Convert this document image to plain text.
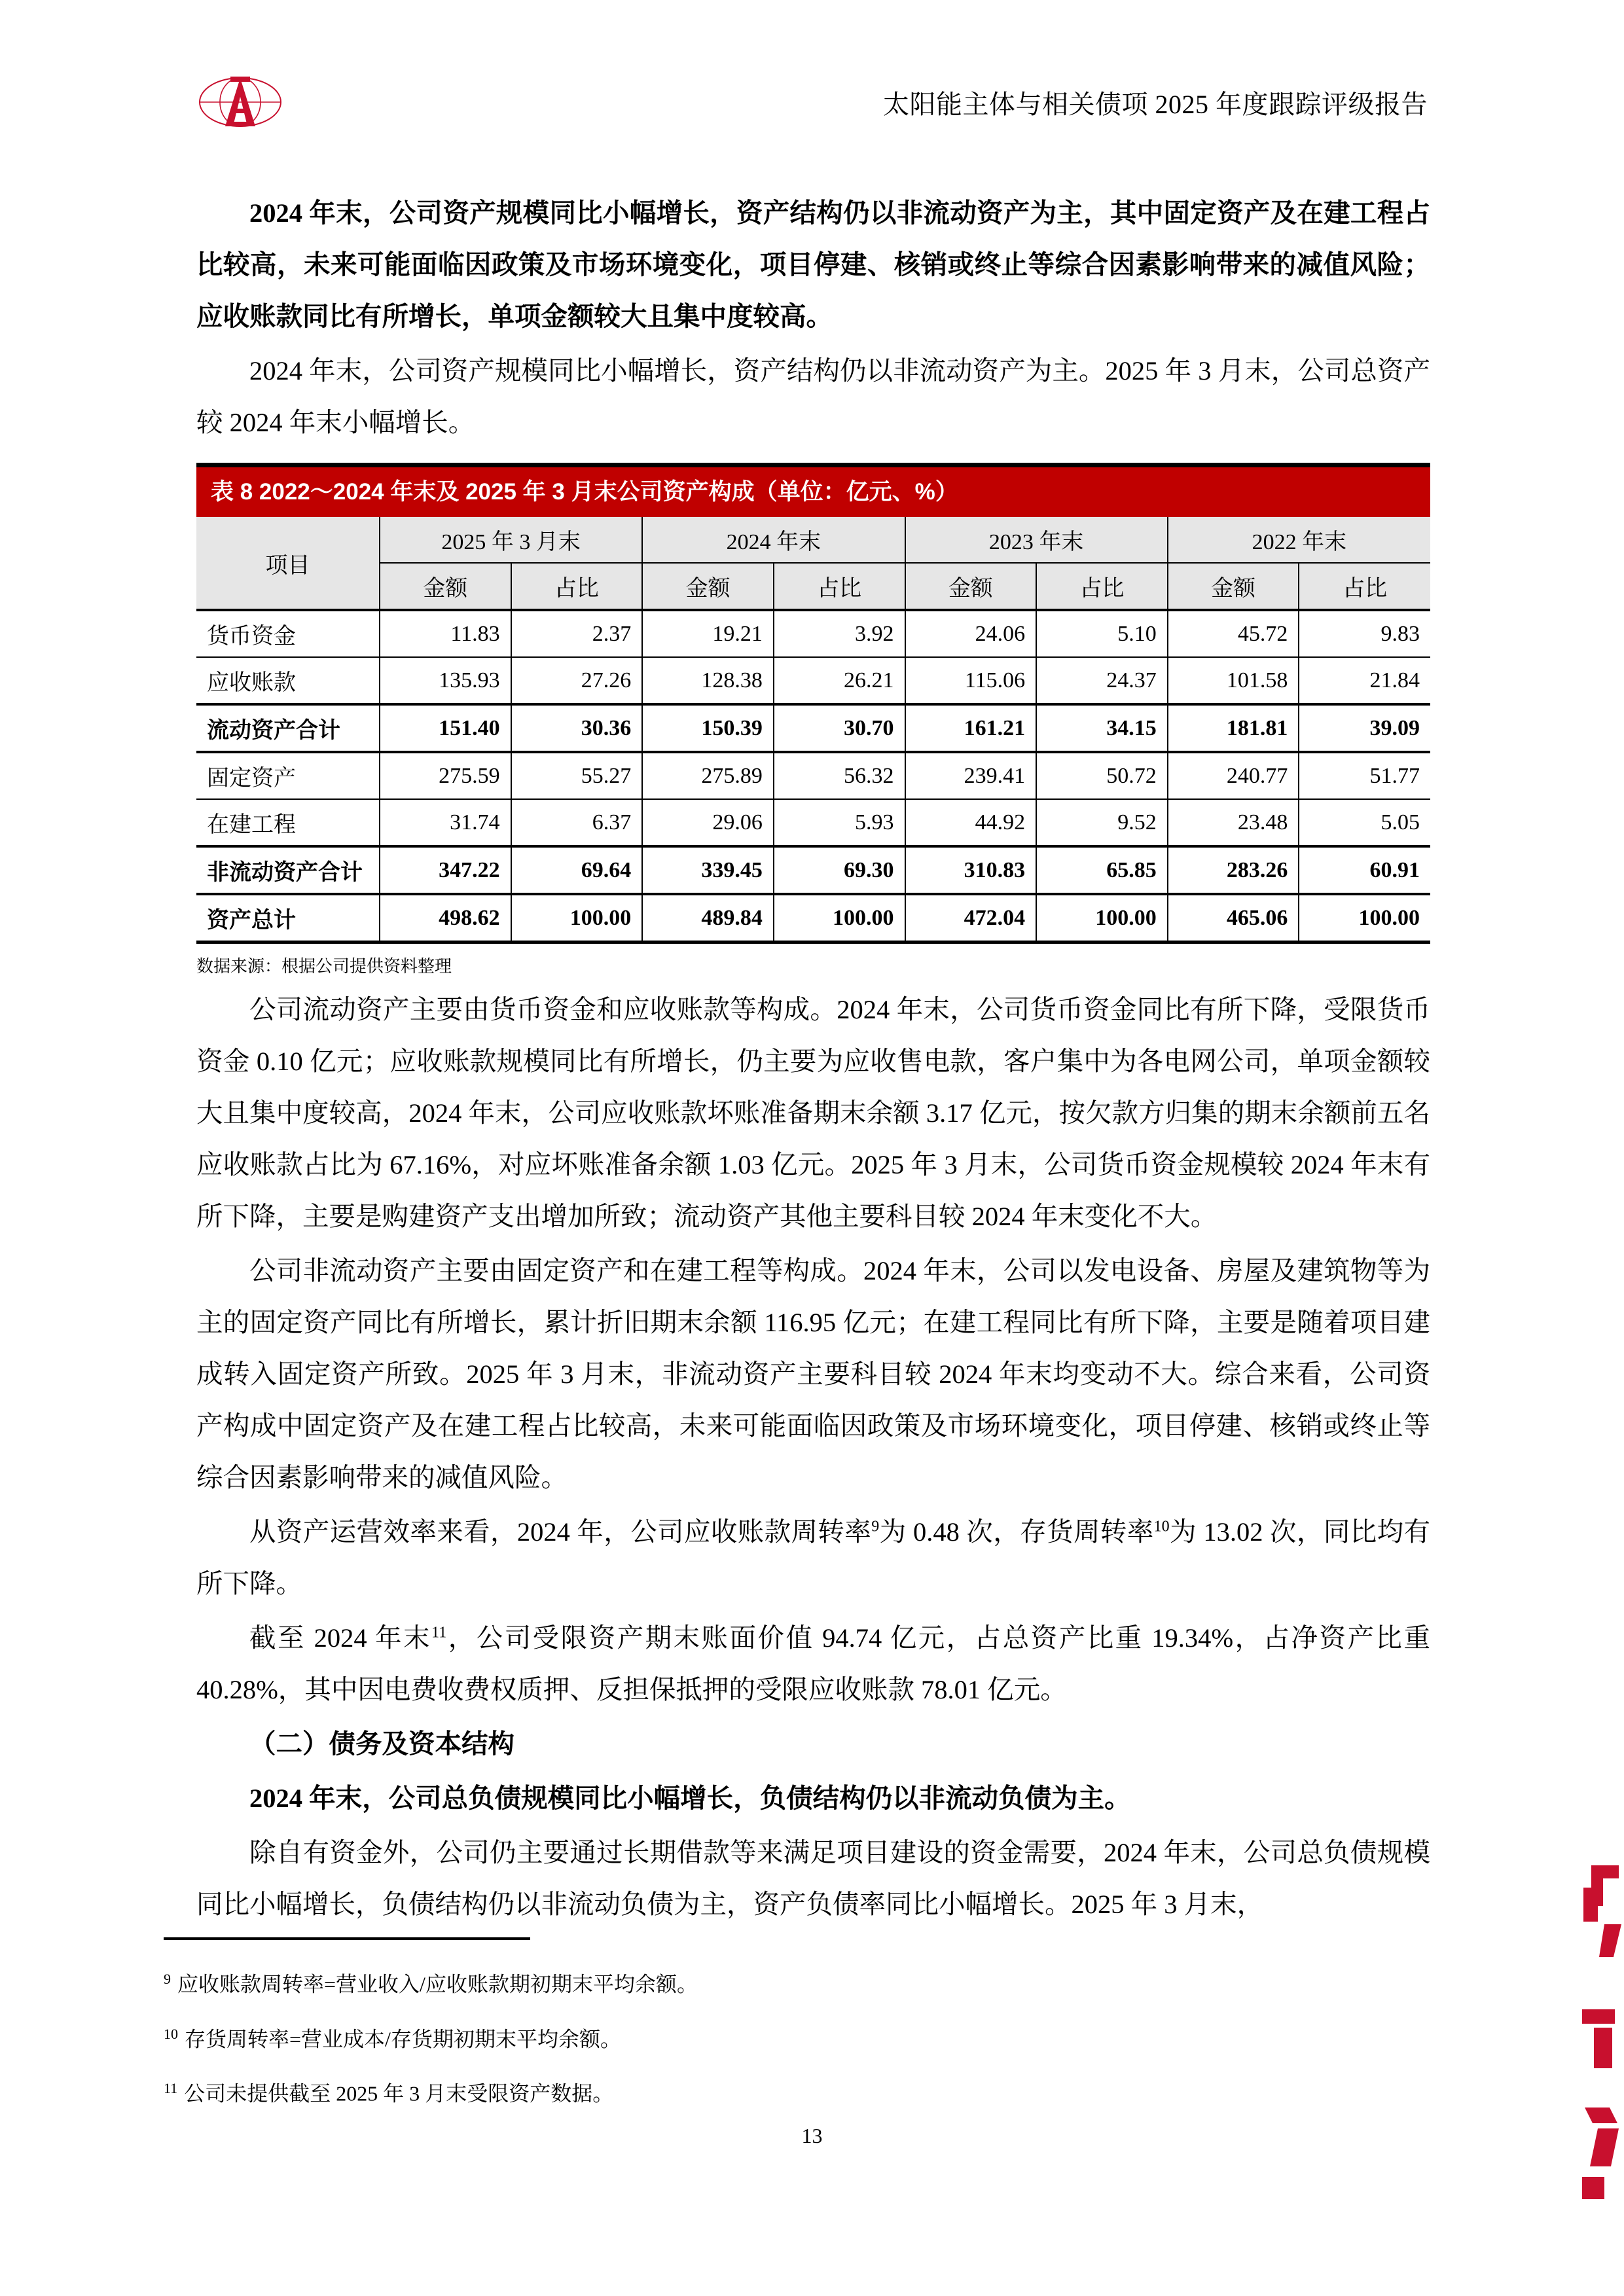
太阳能主体与相关债项 2025 年度跟踪评级报告

2024 年末，公司资产规模同比小幅增长，资产结构仍以非流动资产为主，其中固定资产及在建工程占比较高，未来可能面临因政策及市场环境变化，项目停建、核销或终止等综合因素影响带来的减值风险；应收账款同比有所增长，单项金额较大且集中度较高。

2024 年末，公司资产规模同比小幅增长，资产结构仍以非流动资产为主。2025 年 3 月末，公司总资产较 2024 年末小幅增长。

表 8 2022～2024 年末及 2025 年 3 月末公司资产构成（单位：亿元、%）
项目	2025 年 3 月末		2024 年末		2023 年末		2022 年末	
	金额	占比	金额	占比	金额	占比	金额	占比
货币资金	11.83	2.37	19.21	3.92	24.06	5.10	45.72	9.83
应收账款	135.93	27.26	128.38	26.21	115.06	24.37	101.58	21.84
流动资产合计	151.40	30.36	150.39	30.70	161.21	34.15	181.81	39.09
固定资产	275.59	55.27	275.89	56.32	239.41	50.72	240.77	51.77
在建工程	31.74	6.37	29.06	5.93	44.92	9.52	23.48	5.05
非流动资产合计	347.22	69.64	339.45	69.30	310.83	65.85	283.26	60.91
资产总计	498.62	100.00	489.84	100.00	472.04	100.00	465.06	100.00
数据来源：根据公司提供资料整理

公司流动资产主要由货币资金和应收账款等构成。2024 年末，公司货币资金同比有所下降，受限货币资金 0.10 亿元；应收账款规模同比有所增长，仍主要为应收售电款，客户集中为各电网公司，单项金额较大且集中度较高，2024 年末，公司应收账款坏账准备期末余额 3.17 亿元，按欠款方归集的期末余额前五名应收账款占比为 67.16%，对应坏账准备余额 1.03 亿元。2025 年 3 月末，公司货币资金规模较 2024 年末有所下降，主要是购建资产支出增加所致；流动资产其他主要科目较 2024 年末变化不大。

公司非流动资产主要由固定资产和在建工程等构成。2024 年末，公司以发电设备、房屋及建筑物等为主的固定资产同比有所增长，累计折旧期末余额 116.95 亿元；在建工程同比有所下降，主要是随着项目建成转入固定资产所致。2025 年 3 月末，非流动资产主要科目较 2024 年末均变动不大。综合来看，公司资产构成中固定资产及在建工程占比较高，未来可能面临因政策及市场环境变化，项目停建、核销或终止等综合因素影响带来的减值风险。

从资产运营效率来看，2024 年，公司应收账款周转率$^9$为 0.48 次，存货周转率$^{10}$为 13.02 次，同比均有所下降。

截至 2024 年末$^{11}$，公司受限资产期末账面价值 94.74 亿元，占总资产比重 19.34%，占净资产比重 40.28%，其中因电费收费权质押、反担保抵押的受限应收账款 78.01 亿元。

（二）债务及资本结构

2024 年末，公司总负债规模同比小幅增长，负债结构仍以非流动负债为主。

除自有资金外，公司仍主要通过长期借款等来满足项目建设的资金需要，2024 年末，公司总负债规模同比小幅增长，负债结构仍以非流动负债为主，资产负债率同比小幅增长。2025 年 3 月末，

$^9$ 应收账款周转率=营业收入/应收账款期初期末平均余额。

$^{10}$ 存货周转率=营业成本/存货期初期末平均余额。

$^{11}$ 公司未提供截至 2025 年 3 月末受限资产数据。

13
